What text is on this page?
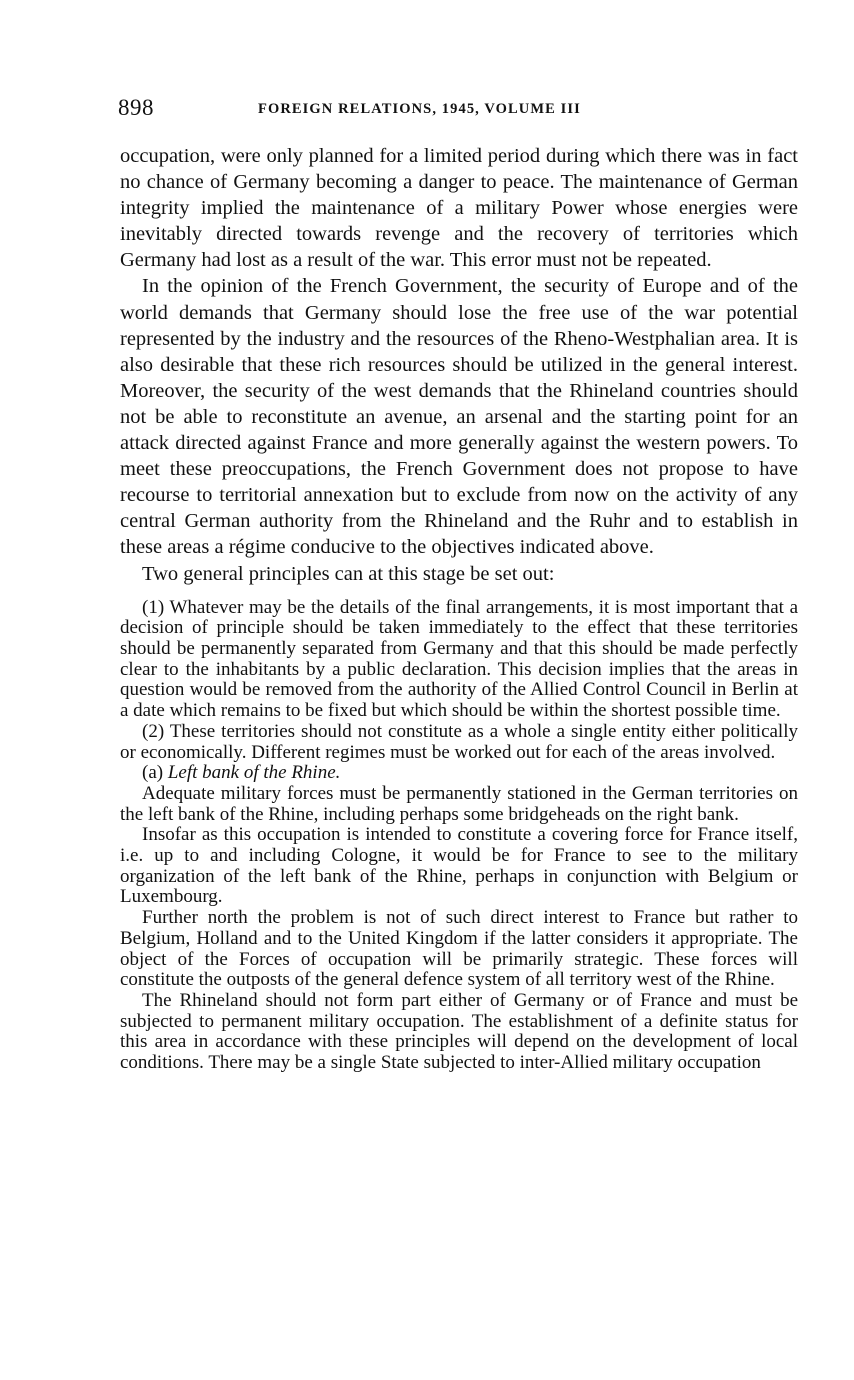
898	FOREIGN RELATIONS, 1945, VOLUME III

occupation, were only planned for a limited period during which there was in fact no chance of Germany becoming a danger to peace. The maintenance of German integrity implied the maintenance of a military Power whose energies were inevitably directed towards revenge and the recovery of territories which Germany had lost as a result of the war. This error must not be repeated.

In the opinion of the French Government, the security of Europe and of the world demands that Germany should lose the free use of the war potential represented by the industry and the resources of the Rheno-Westphalian area. It is also desirable that these rich resources should be utilized in the general interest. Moreover, the security of the west demands that the Rhineland countries should not be able to reconstitute an avenue, an arsenal and the starting point for an attack directed against France and more generally against the western powers. To meet these preoccupations, the French Government does not propose to have recourse to territorial annexation but to exclude from now on the activity of any central German authority from the Rhineland and the Ruhr and to establish in these areas a régime conducive to the objectives indicated above.

Two general principles can at this stage be set out:

(1) Whatever may be the details of the final arrangements, it is most important that a decision of principle should be taken immediately to the effect that these territories should be permanently separated from Germany and that this should be made perfectly clear to the inhabitants by a public declaration. This decision implies that the areas in question would be removed from the authority of the Allied Control Council in Berlin at a date which remains to be fixed but which should be within the shortest possible time.

(2) These territories should not constitute as a whole a single entity either politically or economically. Different regimes must be worked out for each of the areas involved.

(a) Left bank of the Rhine.

Adequate military forces must be permanently stationed in the German territories on the left bank of the Rhine, including perhaps some bridgeheads on the right bank.

Insofar as this occupation is intended to constitute a covering force for France itself, i.e. up to and including Cologne, it would be for France to see to the military organization of the left bank of the Rhine, perhaps in conjunction with Belgium or Luxembourg.

Further north the problem is not of such direct interest to France but rather to Belgium, Holland and to the United Kingdom if the latter considers it appropriate. The object of the Forces of occupation will be primarily strategic. These forces will constitute the outposts of the general defence system of all territory west of the Rhine.

The Rhineland should not form part either of Germany or of France and must be subjected to permanent military occupation. The establishment of a definite status for this area in accordance with these principles will depend on the development of local conditions. There may be a single State subjected to inter-Allied military occupation
